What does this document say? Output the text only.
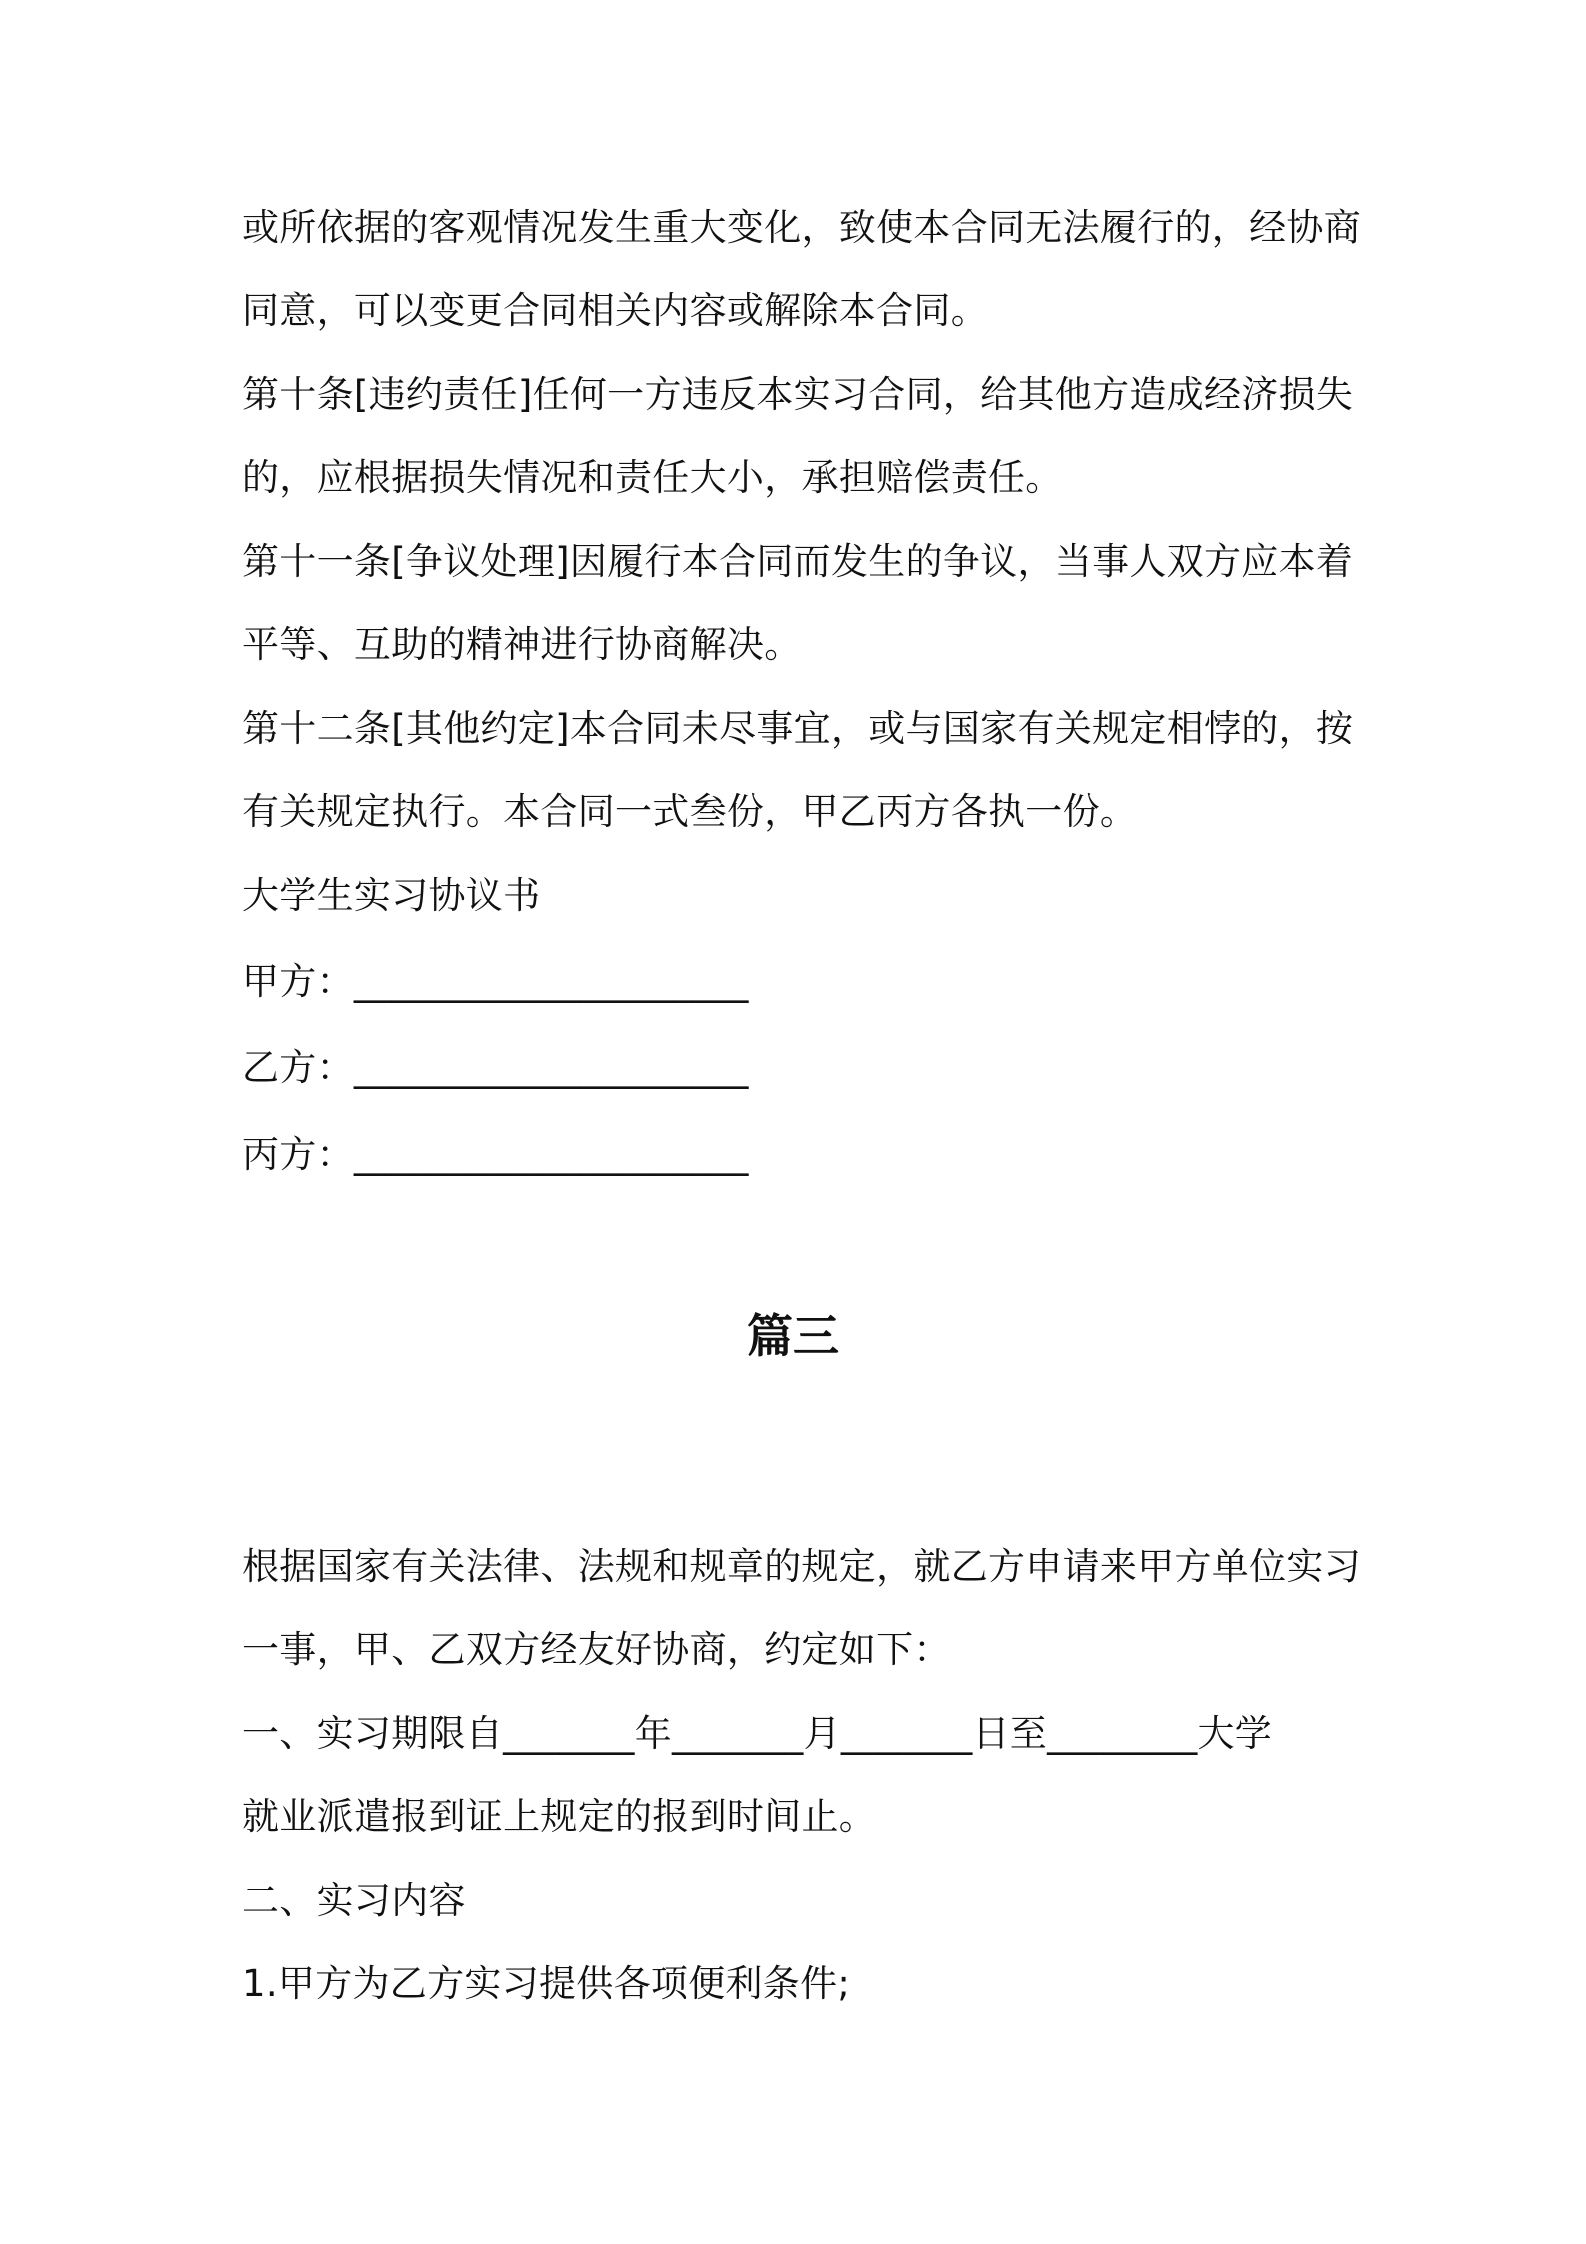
或所依据的客观情况发生重大变化，致使本合同无法履行的，经协商
同意，可以变更合同相关内容或解除本合同。
第十条[违约责任]任何一方违反本实习合同，给其他方造成经济损失
的，应根据损失情况和责任大小，承担赔偿责任。
第十一条[争议处理]因履行本合同而发生的争议，当事人双方应本着
平等、互助的精神进行协商解决。
第十二条[其他约定]本合同未尽事宜，或与国家有关规定相悖的，按
有关规定执行。本合同一式叁份，甲乙丙方各执一份。
大学生实习协议书
甲方：_____________________
乙方：_____________________
丙方：_____________________
篇三
根据国家有关法律、法规和规章的规定，就乙方申请来甲方单位实习
一事，甲、乙双方经友好协商，约定如下：
一、实习期限自_______年_______月_______日至________大学
就业派遣报到证上规定的报到时间止。
二、实习内容
1.甲方为乙方实习提供各项便利条件;
